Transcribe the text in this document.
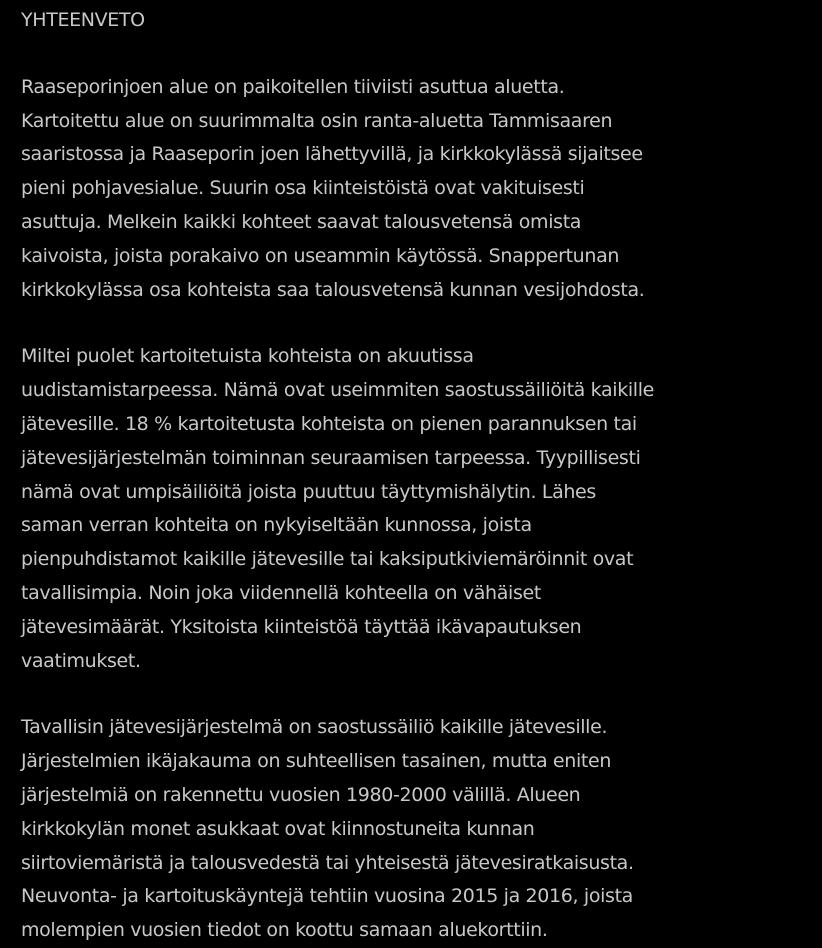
YHTEENVETO

Raaseporinjoen alue on paikoitellen tiiviisti asuttua aluetta.
Kartoitettu alue on suurimmalta osin ranta-aluetta Tammisaaren
saaristossa ja Raaseporin joen lähettyvillä, ja kirkkokylässä sijaitsee
pieni pohjavesialue. Suurin osa kiinteistöistä ovat vakituisesti
asuttuja. Melkein kaikki kohteet saavat talousvetensä omista
kaivoista, joista porakaivo on useammin käytössä. Snappertunan
kirkkokylässa osa kohteista saa talousvetensä kunnan vesijohdosta.

Miltei puolet kartoitetuista kohteista on akuutissa
uudistamistarpeessa. Nämä ovat useimmiten saostussäiliöitä kaikille
jätevesille. 18 % kartoitetusta kohteista on pienen parannuksen tai
jätevesijärjestelmän toiminnan seuraamisen tarpeessa. Tyypillisesti
nämä ovat umpisäiliöitä joista puuttuu täyttymishälytin. Lähes
saman verran kohteita on nykyiseltään kunnossa, joista
pienpuhdistamot kaikille jätevesille tai kaksiputkiviemäröinnit ovat
tavallisimpia. Noin joka viidennellä kohteella on vähäiset
jätevesimäärät. Yksitoista kiinteistöä täyttää ikävapautuksen
vaatimukset.

Tavallisin jätevesijärjestelmä on saostussäiliö kaikille jätevesille.
Järjestelmien ikäjakauma on suhteellisen tasainen, mutta eniten
järjestelmiä on rakennettu vuosien 1980-2000 välillä. Alueen
kirkkokylän monet asukkaat ovat kiinnostuneita kunnan
siirtoviemäristä ja talousvedestä tai yhteisestä jätevesiratkaisusta.
Neuvonta- ja kartoituskäyntejä tehtiin vuosina 2015 ja 2016, joista
molempien vuosien tiedot on koottu samaan aluekorttiin.
